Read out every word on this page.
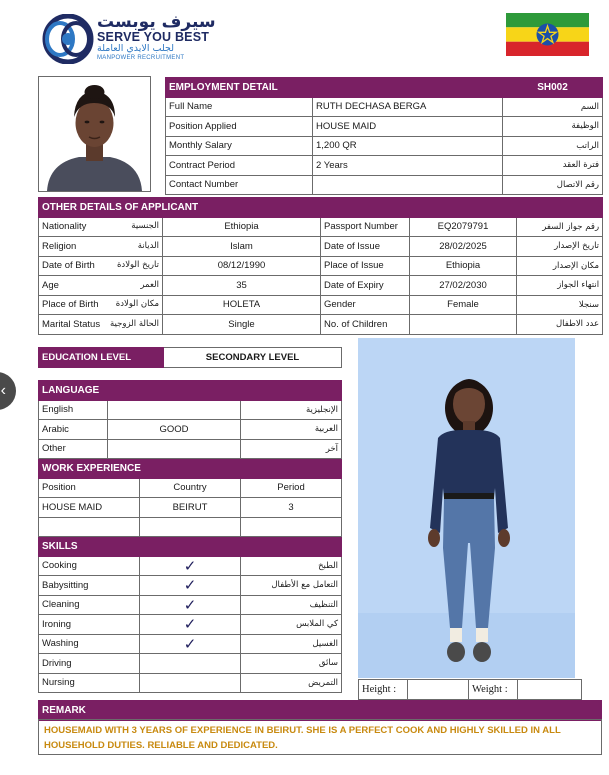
سيرف يوبست
SERVE YOU BEST
لجلب الايدي العاملة
MANPOWER RECRUITMENT
EMPLOYMENT DETAIL		SH002
Full Name	RUTH DECHASA BERGA	السم
Position Applied	HOUSE MAID	الوظيفة
Monthly Salary	1,200 QR	الراتب
Contract Period	2 Years	فترة العقد
Contact Number		رقم الاتصال
OTHER DETAILS OF APPLICANT				
Nationality الجنسية	Ethiopia	Passport Number	EQ2079791	رقم جواز السفر
Religion الديانة	Islam	Date of Issue	28/02/2025	تاريخ الإصدار
Date of Birth تاريخ الولادة	08/12/1990	Place of Issue	Ethiopia	مكان الإصدار
Age العمر	35	Date of Expiry	27/02/2030	انتهاء الجواز
Place of Birth مكان الولادة	HOLETA	Gender	Female	سنجلا
Marital Status الحالة الزوجية	Single	No. of Children		عدد الاطفال
EDUCATION LEVEL	SECONDARY LEVEL
LANGUAGE			
English			الإنجليزية
Arabic	GOOD		العربية
Other			آخر
WORK EXPERIENCE			
Position		Country	Period
HOUSE MAID		BEIRUT	3

SKILLS			
Cooking		✓	الطبخ
Babysitting		✓	التعامل مع الأطفال
Cleaning		✓	التنظيف
Ironing		✓	كي الملابس
Washing		✓	الغسيل
Driving			سائق
Nursing			التمريض
Height :		Weight :	
REMARK
HOUSEMAID WITH 3 YEARS OF EXPERIENCE IN BEIRUT. SHE IS A PERFECT COOK AND HIGHLY SKILLED IN ALL HOUSEHOLD DUTIES. RELIABLE AND DEDICATED.
‹
